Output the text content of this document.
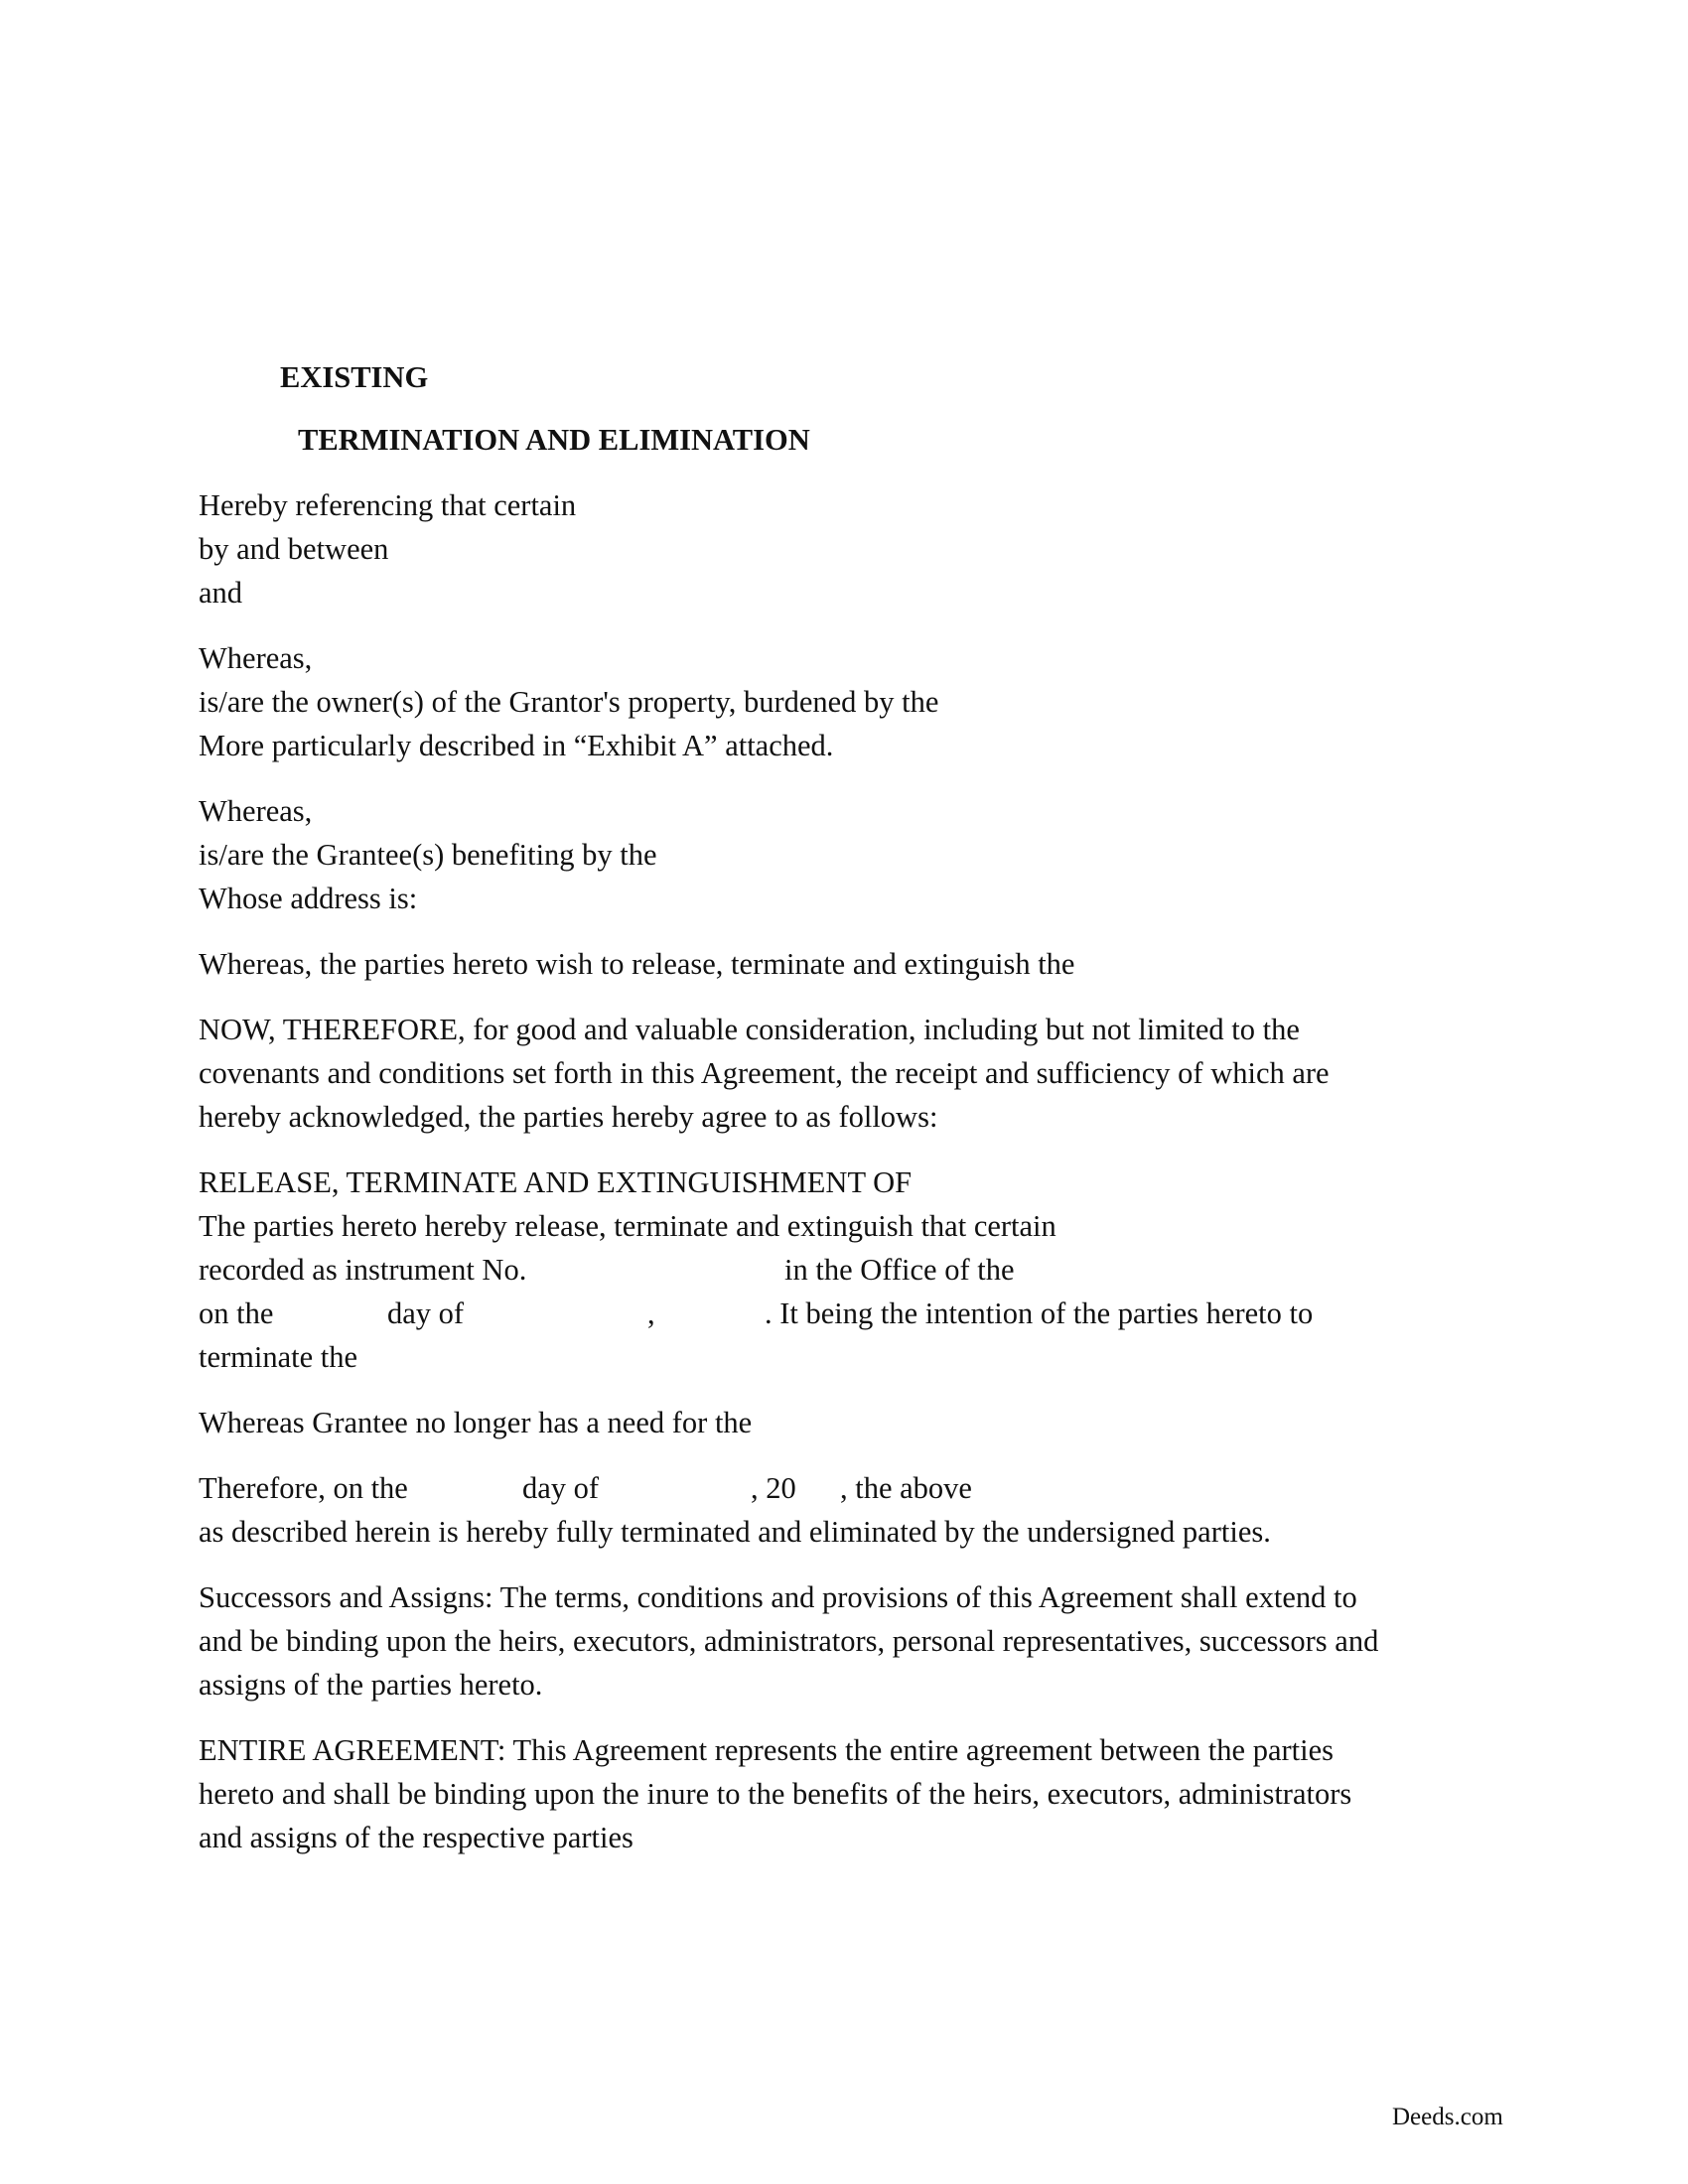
EXISTING
TERMINATION AND ELIMINATION
Hereby referencing that certain
by and between
and
Whereas,
is/are the owner(s) of the Grantor's property, burdened by the
More particularly described in “Exhibit A” attached.
Whereas,
is/are the Grantee(s) benefiting by the
Whose address is:
Whereas, the parties hereto wish to release, terminate and extinguish the
NOW, THEREFORE, for good and valuable consideration, including but not limited to the
covenants and conditions set forth in this Agreement, the receipt and sufficiency of which are
hereby acknowledged, the parties hereby agree to as follows:
RELEASE, TERMINATE AND EXTINGUISHMENT OF
The parties hereto hereby release, terminate and extinguish that certain
recorded as instrument No.	in the Office of the
on the	day of	,	. It being the intention of the parties hereto to
terminate the
Whereas Grantee no longer has a need for the
Therefore, on the	day of	, 20 , the above
as described herein is hereby fully terminated and eliminated by the undersigned parties.
Successors and Assigns: The terms, conditions and provisions of this Agreement shall extend to
and be binding upon the heirs, executors, administrators, personal representatives, successors and
assigns of the parties hereto.
ENTIRE AGREEMENT: This Agreement represents the entire agreement between the parties
hereto and shall be binding upon the inure to the benefits of the heirs, executors, administrators
and assigns of the respective parties
Deeds.com
